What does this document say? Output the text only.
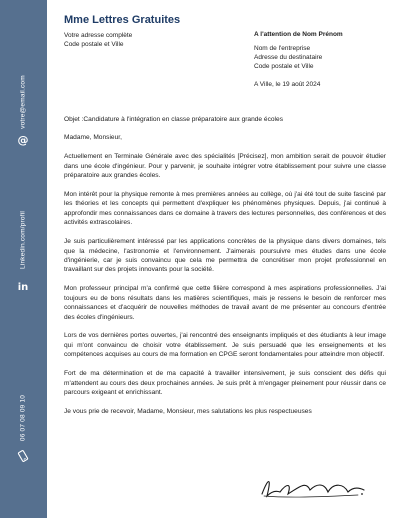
@
votre@email.com
in
Linkedin.com/profil
06 07 08 09 10
Mme Lettres Gratuites
Votre adresse complète
Code postale et Ville
A l'attention de Nom Prénom
Nom de l'entreprise
Adresse du destinataire
Code postale et Ville
A Ville, le 19 août 2024

Objet :Candidature à l'intégration en classe préparatoire aux grande écoles

Madame, Monsieur,

Actuellement en Terminale Générale avec des spécialités [Précisez], mon ambition serait de pouvoir étudier dans une école d'ingénieur. Pour y parvenir, je souhaite intégrer votre établissement pour suivre une classe préparatoire aux grandes écoles.

Mon intérêt pour la physique remonte à mes premières années au collège, où j'ai été tout de suite fasciné par les théories et les concepts qui permettent d'expliquer les phénomènes physiques. Depuis, j'ai continué à approfondir mes connaissances dans ce domaine à travers des lectures personnelles, des conférences et des activités extrascolaires.

Je suis particulièrement intéressé par les applications concrètes de la physique dans divers domaines, tels que la médecine, l'astronomie et l'environnement. J'aimerais poursuivre mes études dans une école d'ingénierie, car je suis convaincu que cela me permettra de concrétiser mon projet professionnel en travaillant sur des projets innovants pour la société.

Mon professeur principal m'a confirmé que cette filière correspond à mes aspirations professionnelles. J'ai toujours eu de bons résultats dans les matières scientifiques, mais je ressens le besoin de renforcer mes connaissances et d'acquérir de nouvelles méthodes de travail avant de me présenter au concours d'entrée des écoles d'ingénieurs.

Lors de vos dernières portes ouvertes, j'ai rencontré des enseignants impliqués et des étudiants à leur image qui m'ont convaincu de choisir votre établissement. Je suis persuadé que les enseignements et les compétences acquises au cours de ma formation en CPGE seront fondamentales pour atteindre mon objectif.

Fort de ma détermination et de ma capacité à travailler intensivement, je suis conscient des défis qui m'attendent au cours des deux prochaines années. Je suis prêt à m'engager pleinement pour réussir dans ce parcours exigeant et enrichissant.

Je vous prie de recevoir, Madame, Monsieur, mes salutations les plus respectueuses
